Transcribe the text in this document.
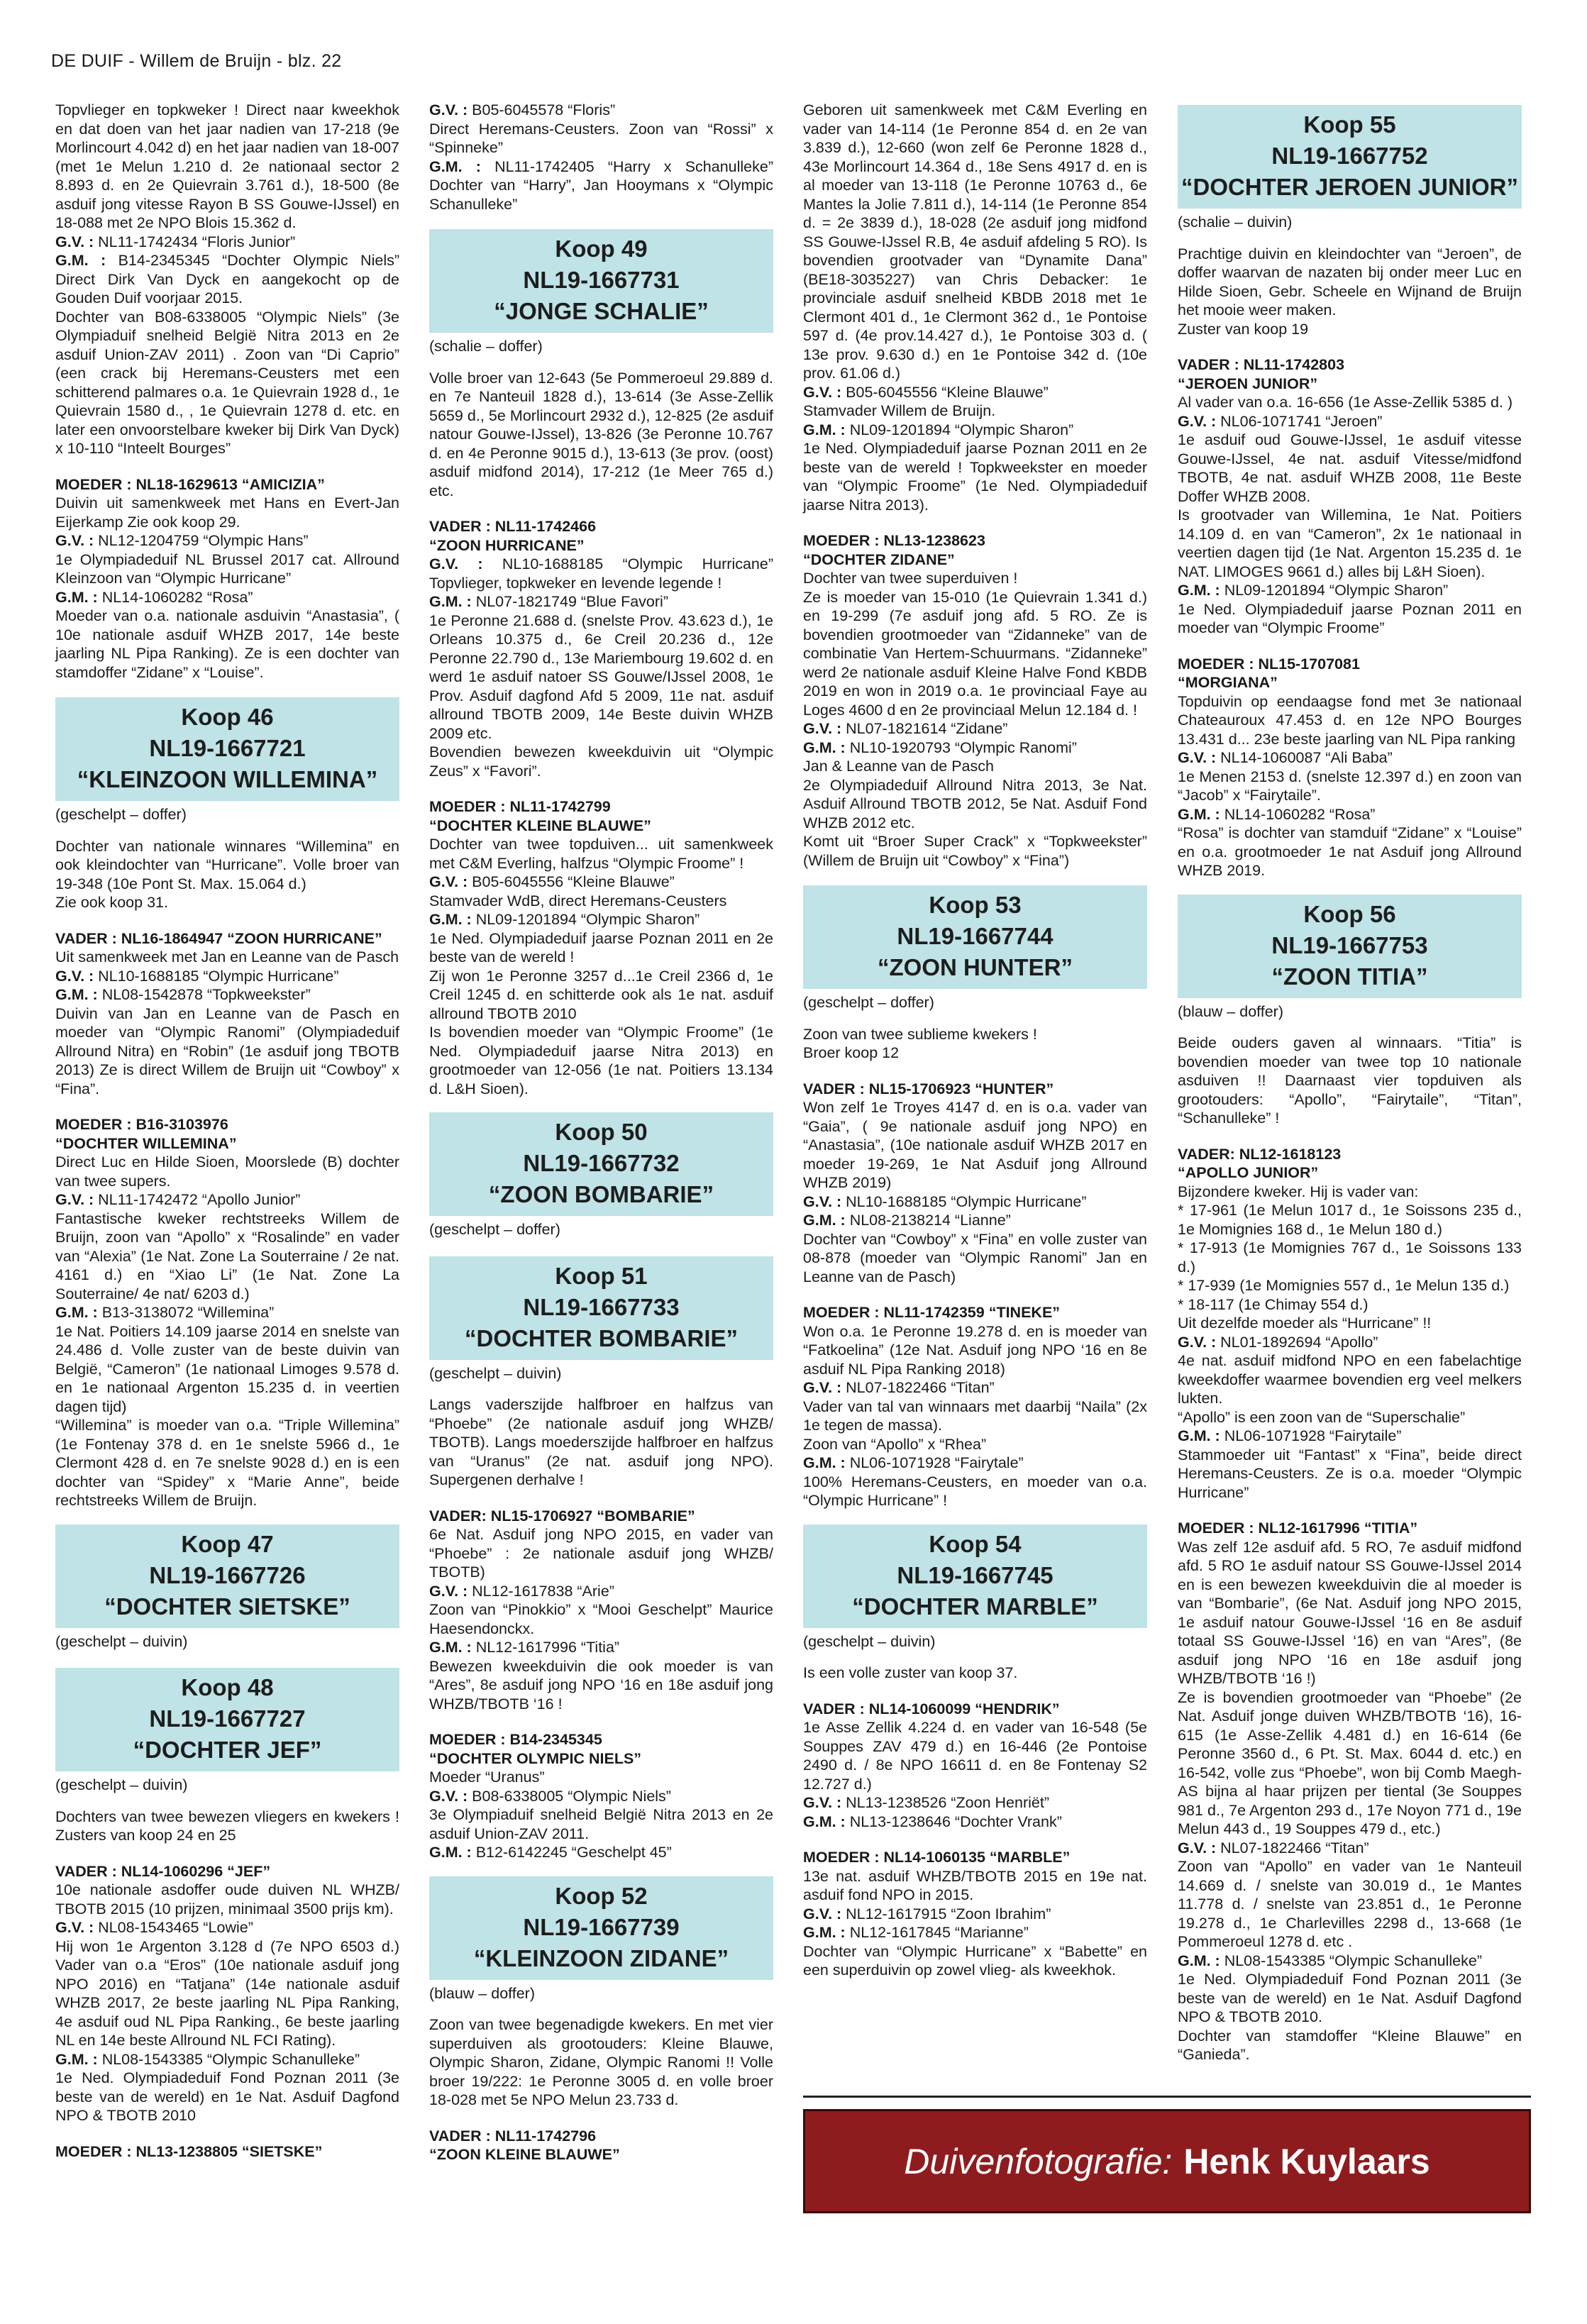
DE DUIF - Willem de Bruijn - blz. 22

Topvlieger en topkweker ! Direct naar kweekhok en dat doen van het jaar nadien van 17-218 (9e Morlincourt 4.042 d) en het jaar nadien van 18-007 (met 1e Melun 1.210 d. 2e nationaal sector 2 8.893 d. en 2e Quievrain 3.761 d.), 18-500 (8e asduif jong vitesse Rayon B SS Gouwe-IJssel) en 18-088 met 2e NPO Blois 15.362 d.

G.V. : NL11-1742434 “Floris Junior”

G.M. : B14-2345345 “Dochter Olympic Niels” Direct Dirk Van Dyck en aangekocht op de Gouden Duif voorjaar 2015.

Dochter van B08-6338005 “Olympic Niels” (3e Olympiaduif snelheid België Nitra 2013 en 2e asduif Union-ZAV 2011) . Zoon van “Di Caprio” (een crack bij Heremans-Ceusters met een schitterend palmares o.a. 1e Quievrain 1928 d., 1e Quievrain 1580 d., , 1e Quievrain 1278 d. etc. en later een onvoorstelbare kweker bij Dirk Van Dyck) x 10-110 “Inteelt Bourges”

MOEDER : NL18-1629613 “AMICIZIA”

Duivin uit samenkweek met Hans en Evert-Jan Eijerkamp Zie ook koop 29.

G.V. : NL12-1204759 “Olympic Hans”

1e Olympiadeduif NL Brussel 2017 cat. Allround Kleinzoon van “Olympic Hurricane”

G.M. : NL14-1060282 “Rosa”

Moeder van o.a. nationale asduivin “Anastasia”, ( 10e nationale asduif WHZB 2017, 14e beste jaarling NL Pipa Ranking). Ze is een dochter van stamdoffer “Zidane” x “Louise”.

Koop 46
NL19-1667721
“KLEINZOON WILLEMINA”
(geschelpt – doffer)

Dochter van nationale winnares “Willemina” en ook kleindochter van “Hurricane”. Volle broer van 19-348 (10e Pont St. Max. 15.064 d.)

Zie ook koop 31.

VADER : NL16-1864947 “ZOON HURRICANE”

Uit samenkweek met Jan en Leanne van de Pasch

G.V. : NL10-1688185 “Olympic Hurricane”

G.M. : NL08-1542878 “Topkweekster”

Duivin van Jan en Leanne van de Pasch en moeder van “Olympic Ranomi” (Olympiadeduif Allround Nitra) en “Robin” (1e asduif jong TBOTB 2013) Ze is direct Willem de Bruijn uit “Cowboy” x “Fina”.

MOEDER : B16-3103976

“DOCHTER WILLEMINA”

Direct Luc en Hilde Sioen, Moorslede (B) dochter van twee supers.

G.V. : NL11-1742472 “Apollo Junior”

Fantastische kweker rechtstreeks Willem de Bruijn, zoon van “Apollo” x “Rosalinde” en vader van “Alexia” (1e Nat. Zone La Souterraine / 2e nat. 4161 d.) en “Xiao Li” (1e Nat. Zone La Souterraine/ 4e nat/ 6203 d.)

G.M. : B13-3138072 “Willemina”

1e Nat. Poitiers 14.109 jaarse 2014 en snelste van 24.486 d. Volle zuster van de beste duivin van België, “Cameron” (1e nationaal Limoges 9.578 d. en 1e nationaal Argenton 15.235 d. in veertien dagen tijd)

“Willemina” is moeder van o.a. “Triple Willemina” (1e Fontenay 378 d. en 1e snelste 5966 d., 1e Clermont 428 d. en 7e snelste 9028 d.) en is een dochter van “Spidey” x “Marie Anne”, beide rechtstreeks Willem de Bruijn.

Koop 47
NL19-1667726
“DOCHTER SIETSKE”
(geschelpt – duivin)
Koop 48
NL19-1667727
“DOCHTER JEF”
(geschelpt – duivin)

Dochters van twee bewezen vliegers en kwekers ! Zusters van koop 24 en 25

VADER : NL14-1060296 “JEF”

10e nationale asdoffer oude duiven NL WHZB/ TBOTB 2015 (10 prijzen, minimaal 3500 prijs km).

G.V. : NL08-1543465 “Lowie”

Hij won 1e Argenton 3.128 d (7e NPO 6503 d.) Vader van o.a “Eros” (10e nationale asduif jong NPO 2016) en “Tatjana” (14e nationale asduif WHZB 2017, 2e beste jaarling NL Pipa Ranking, 4e asduif oud NL Pipa Ranking., 6e beste jaarling NL en 14e beste Allround NL FCI Rating).

G.M. : NL08-1543385 “Olympic Schanulleke”

1e Ned. Olympiadeduif Fond Poznan 2011 (3e beste van de wereld) en 1e Nat. Asduif Dagfond NPO & TBOTB 2010

MOEDER : NL13-1238805 “SIETSKE”

G.V. : B05-6045578 “Floris”

Direct Heremans-Ceusters. Zoon van “Rossi” x “Spinneke”

G.M. : NL11-1742405 “Harry x Schanulleke” Dochter van “Harry”, Jan Hooymans x “Olympic Schanulleke”

Koop 49
NL19-1667731
“JONGE SCHALIE”
(schalie – doffer)

Volle broer van 12-643 (5e Pommeroeul 29.889 d. en 7e Nanteuil 1828 d.), 13-614 (3e Asse-Zellik 5659 d., 5e Morlincourt 2932 d.), 12-825 (2e asduif natour Gouwe-IJssel), 13-826 (3e Peronne 10.767 d. en 4e Peronne 9015 d.), 13-613 (3e prov. (oost) asduif midfond 2014), 17-212 (1e Meer 765 d.) etc.

VADER : NL11-1742466

“ZOON HURRICANE”

G.V. : NL10-1688185 “Olympic Hurricane” Topvlieger, topkweker en levende legende !

G.M. : NL07-1821749 “Blue Favori”

1e Peronne 21.688 d. (snelste Prov. 43.623 d.), 1e Orleans 10.375 d., 6e Creil 20.236 d., 12e Peronne 22.790 d., 13e Mariembourg 19.602 d. en werd 1e asduif natoer SS Gouwe/IJssel 2008, 1e Prov. Asduif dagfond Afd 5 2009, 11e nat. asduif allround TBOTB 2009, 14e Beste duivin WHZB 2009 etc.

Bovendien bewezen kweekduivin uit “Olympic Zeus” x “Favori”.

MOEDER : NL11-1742799

“DOCHTER KLEINE BLAUWE”

Dochter van twee topduiven... uit samenkweek met C&M Everling, halfzus “Olympic Froome” !

G.V. : B05-6045556 “Kleine Blauwe”

Stamvader WdB, direct Heremans-Ceusters

G.M. : NL09-1201894 “Olympic Sharon”

1e Ned. Olympiadeduif jaarse Poznan 2011 en 2e beste van de wereld !

Zij won 1e Peronne 3257 d...1e Creil 2366 d, 1e Creil 1245 d. en schitterde ook als 1e nat. asduif allround TBOTB 2010

Is bovendien moeder van “Olympic Froome” (1e Ned. Olympiadeduif jaarse Nitra 2013) en grootmoeder van 12-056 (1e nat. Poitiers 13.134 d. L&H Sioen).

Koop 50
NL19-1667732
“ZOON BOMBARIE”
(geschelpt – doffer)
Koop 51
NL19-1667733
“DOCHTER BOMBARIE”
(geschelpt – duivin)

Langs vaderszijde halfbroer en halfzus van “Phoebe” (2e nationale asduif jong WHZB/ TBOTB). Langs moederszijde halfbroer en halfzus van “Uranus” (2e nat. asduif jong NPO). Supergenen derhalve !

VADER: NL15-1706927 “BOMBARIE”

6e Nat. Asduif jong NPO 2015, en vader van “Phoebe” : 2e nationale asduif jong WHZB/ TBOTB)

G.V. : NL12-1617838 “Arie”

Zoon van “Pinokkio” x “Mooi Geschelpt” Maurice Haesendonckx.

G.M. : NL12-1617996 “Titia”

Bewezen kweekduivin die ook moeder is van “Ares”, 8e asduif jong NPO ‘16 en 18e asduif jong WHZB/TBOTB ‘16 !

MOEDER : B14-2345345

“DOCHTER OLYMPIC NIELS”

Moeder “Uranus”

G.V. : B08-6338005 “Olympic Niels”

3e Olympiaduif snelheid België Nitra 2013 en 2e asduif Union-ZAV 2011.

G.M. : B12-6142245 “Geschelpt 45”

Koop 52
NL19-1667739
“KLEINZOON ZIDANE”
(blauw – doffer)

Zoon van twee begenadigde kwekers. En met vier superduiven als grootouders: Kleine Blauwe, Olympic Sharon, Zidane, Olympic Ranomi !! Volle broer 19/222: 1e Peronne 3005 d. en volle broer 18-028 met 5e NPO Melun 23.733 d.

VADER : NL11-1742796

“ZOON KLEINE BLAUWE”

Geboren uit samenkweek met C&M Everling en vader van 14-114 (1e Peronne 854 d. en 2e van 3.839 d.), 12-660 (won zelf 6e Peronne 1828 d., 43e Morlincourt 14.364 d., 18e Sens 4917 d. en is al moeder van 13-118 (1e Peronne 10763 d., 6e Mantes la Jolie 7.811 d.), 14-114 (1e Peronne 854 d. = 2e 3839 d.), 18-028 (2e asduif jong midfond SS Gouwe-IJssel R.B, 4e asduif afdeling 5 RO). Is bovendien grootvader van “Dynamite Dana” (BE18-3035227) van Chris Debacker: 1e provinciale asduif snelheid KBDB 2018 met 1e Clermont 401 d., 1e Clermont 362 d., 1e Pontoise 597 d. (4e prov.14.427 d.), 1e Pontoise 303 d. ( 13e prov. 9.630 d.) en 1e Pontoise 342 d. (10e prov. 61.06 d.)

G.V. : B05-6045556 “Kleine Blauwe”

Stamvader Willem de Bruijn.

G.M. : NL09-1201894 “Olympic Sharon”

1e Ned. Olympiadeduif jaarse Poznan 2011 en 2e beste van de wereld ! Topkweekster en moeder van “Olympic Froome” (1e Ned. Olympiadeduif jaarse Nitra 2013).

MOEDER : NL13-1238623

“DOCHTER ZIDANE”

Dochter van twee superduiven !

Ze is moeder van 15-010 (1e Quievrain 1.341 d.) en 19-299 (7e asduif jong afd. 5 RO. Ze is bovendien grootmoeder van “Zidanneke” van de combinatie Van Hertem-Schuurmans. “Zidanneke” werd 2e nationale asduif Kleine Halve Fond KBDB 2019 en won in 2019 o.a. 1e provinciaal Faye au Loges 4600 d en 2e provinciaal Melun 12.184 d. !

G.V. : NL07-1821614 “Zidane”

G.M. : NL10-1920793 “Olympic Ranomi”

Jan & Leanne van de Pasch

2e Olympiadeduif Allround Nitra 2013, 3e Nat. Asduif Allround TBOTB 2012, 5e Nat. Asduif Fond WHZB 2012 etc.

Komt uit “Broer Super Crack” x “Topkweekster” (Willem de Bruijn uit “Cowboy” x “Fina”)

Koop 53
NL19-1667744
“ZOON HUNTER”
(geschelpt – doffer)

Zoon van twee sublieme kwekers !

Broer koop 12

VADER : NL15-1706923 “HUNTER”

Won zelf 1e Troyes 4147 d. en is o.a. vader van “Gaia”, ( 9e nationale asduif jong NPO) en “Anastasia”, (10e nationale asduif WHZB 2017 en moeder 19-269, 1e Nat Asduif jong Allround WHZB 2019)

G.V. : NL10-1688185 “Olympic Hurricane”

G.M. : NL08-2138214 “Lianne”

Dochter van “Cowboy” x “Fina” en volle zuster van 08-878 (moeder van “Olympic Ranomi” Jan en Leanne van de Pasch)

MOEDER : NL11-1742359 “TINEKE”

Won o.a. 1e Peronne 19.278 d. en is moeder van “Fatkoelina” (12e Nat. Asduif jong NPO ‘16 en 8e asduif NL Pipa Ranking 2018)

G.V. : NL07-1822466 “Titan”

Vader van tal van winnaars met daarbij “Naila” (2x 1e tegen de massa).

Zoon van “Apollo” x “Rhea”

G.M. : NL06-1071928 “Fairytale”

100% Heremans-Ceusters, en moeder van o.a. “Olympic Hurricane” !

Koop 54
NL19-1667745
“DOCHTER MARBLE”
(geschelpt – duivin)

Is een volle zuster van koop 37.

VADER : NL14-1060099 “HENDRIK”

1e Asse Zellik 4.224 d. en vader van 16-548 (5e Souppes ZAV 479 d.) en 16-446 (2e Pontoise 2490 d. / 8e NPO 16611 d. en 8e Fontenay S2 12.727 d.)

G.V. : NL13-1238526 “Zoon Henriët”

G.M. : NL13-1238646 “Dochter Vrank”

MOEDER : NL14-1060135 “MARBLE”

13e nat. asduif WHZB/TBOTB 2015 en 19e nat. asduif fond NPO in 2015.

G.V. : NL12-1617915 “Zoon Ibrahim”

G.M. : NL12-1617845 “Marianne”

Dochter van “Olympic Hurricane” x “Babette” en een superduivin op zowel vlieg- als kweekhok.

Koop 55
NL19-1667752
“DOCHTER JEROEN JUNIOR”
(schalie – duivin)

Prachtige duivin en kleindochter van “Jeroen”, de doffer waarvan de nazaten bij onder meer Luc en Hilde Sioen, Gebr. Scheele en Wijnand de Bruijn het mooie weer maken.

Zuster van koop 19

VADER : NL11-1742803

“JEROEN JUNIOR”

Al vader van o.a. 16-656 (1e Asse-Zellik 5385 d. )

G.V. : NL06-1071741 “Jeroen”

1e asduif oud Gouwe-IJssel, 1e asduif vitesse Gouwe-IJssel, 4e nat. asduif Vitesse/midfond TBOTB, 4e nat. asduif WHZB 2008, 11e Beste Doffer WHZB 2008.

Is grootvader van Willemina, 1e Nat. Poitiers 14.109 d. en van “Cameron”, 2x 1e nationaal in veertien dagen tijd (1e Nat. Argenton 15.235 d. 1e NAT. LIMOGES 9661 d.) alles bij L&H Sioen).

G.M. : NL09-1201894 “Olympic Sharon”

1e Ned. Olympiadeduif jaarse Poznan 2011 en moeder van “Olympic Froome”

MOEDER : NL15-1707081

“MORGIANA”

Topduivin op eendaagse fond met 3e nationaal Chateauroux 47.453 d. en 12e NPO Bourges 13.431 d... 23e beste jaarling van NL Pipa ranking

G.V. : NL14-1060087 “Ali Baba”

1e Menen 2153 d. (snelste 12.397 d.) en zoon van “Jacob” x “Fairytaile”.

G.M. : NL14-1060282 “Rosa”

“Rosa” is dochter van stamduif “Zidane” x “Louise” en o.a. grootmoeder 1e nat Asduif jong Allround WHZB 2019.

Koop 56
NL19-1667753
“ZOON TITIA”
(blauw – doffer)

Beide ouders gaven al winnaars. “Titia” is bovendien moeder van twee top 10 nationale asduiven !! Daarnaast vier topduiven als grootouders: “Apollo”, “Fairytaile”, “Titan”, “Schanulleke” !

VADER: NL12-1618123

“APOLLO JUNIOR”

Bijzondere kweker. Hij is vader van:

* 17-961 (1e Melun 1017 d., 1e Soissons 235 d., 1e Momignies 168 d., 1e Melun 180 d.)

* 17-913 (1e Momignies 767 d., 1e Soissons 133 d.)

* 17-939 (1e Momignies 557 d., 1e Melun 135 d.)

* 18-117 (1e Chimay 554 d.)

Uit dezelfde moeder als “Hurricane” !!

G.V. : NL01-1892694 “Apollo”

4e nat. asduif midfond NPO en een fabelachtige kweekdoffer waarmee bovendien erg veel melkers lukten.

“Apollo” is een zoon van de “Superschalie”

G.M. : NL06-1071928 “Fairytaile”

Stammoeder uit “Fantast” x “Fina”, beide direct Heremans-Ceusters. Ze is o.a. moeder “Olympic Hurricane”

MOEDER : NL12-1617996 “TITIA”

Was zelf 12e asduif afd. 5 RO, 7e asduif midfond afd. 5 RO 1e asduif natour SS Gouwe-IJssel 2014 en is een bewezen kweekduivin die al moeder is van “Bombarie”, (6e Nat. Asduif jong NPO 2015, 1e asduif natour Gouwe-IJssel ‘16 en 8e asduif totaal SS Gouwe-IJssel ‘16) en van “Ares”, (8e asduif jong NPO ‘16 en 18e asduif jong WHZB/TBOTB ‘16 !)

Ze is bovendien grootmoeder van “Phoebe” (2e Nat. Asduif jonge duiven WHZB/TBOTB ‘16), 16-615 (1e Asse-Zellik 4.481 d.) en 16-614 (6e Peronne 3560 d., 6 Pt. St. Max. 6044 d. etc.) en 16-542, volle zus “Phoebe”, won bij Comb Maegh-AS bijna al haar prijzen per tiental (3e Souppes 981 d., 7e Argenton 293 d., 17e Noyon 771 d., 19e Melun 443 d., 19 Souppes 479 d., etc.)

G.V. : NL07-1822466 “Titan”

Zoon van “Apollo” en vader van 1e Nanteuil 14.669 d. / snelste van 30.019 d., 1e Mantes 11.778 d. / snelste van 23.851 d., 1e Peronne 19.278 d., 1e Charlevilles 2298 d., 13-668 (1e Pommeroeul 1278 d. etc .

G.M. : NL08-1543385 “Olympic Schanulleke”

1e Ned. Olympiadeduif Fond Poznan 2011 (3e beste van de wereld) en 1e Nat. Asduif Dagfond NPO & TBOTB 2010.

Dochter van stamdoffer “Kleine Blauwe” en “Ganieda”.

Duivenfotografie: Henk Kuylaars
